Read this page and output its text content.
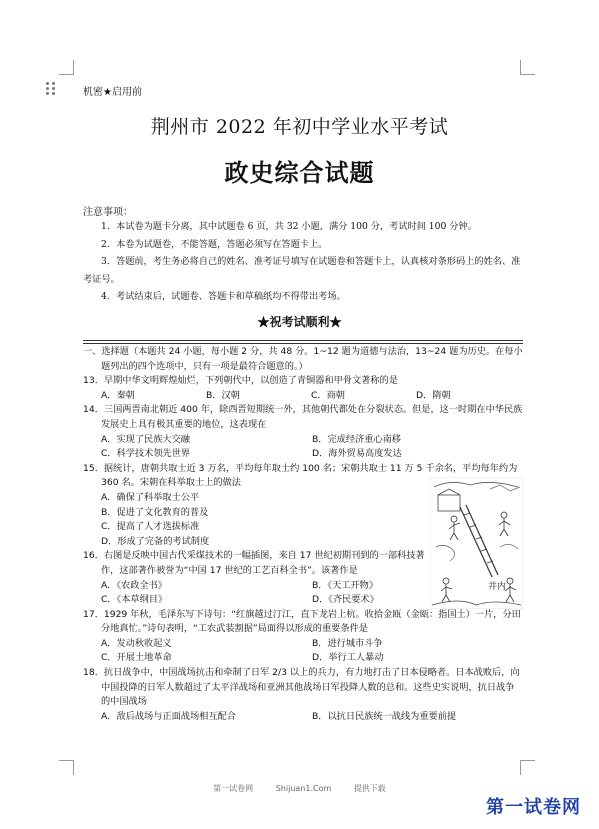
机密★启用前
荆州市 2022 年初中学业水平考试
政史综合试题
注意事项：
1．本试卷为题卡分离，其中试题卷 6 页，共 32 小题，满分 100 分，考试时间 100 分钟。
2．本卷为试题卷，不能答题，答题必须写在答题卡上。
3．答题前，考生务必将自己的姓名、准考证号填写在试题卷和答题卡上，认真核对条形码上的姓名、准考证号。
4．考试结束后，试题卷、答题卡和草稿纸均不得带出考场。
★祝考试顺利★
一、选择题（本题共 24 小题，每小题 2 分，共 48 分。1~12 题为道德与法治，13~24 题为历史。在每小题列出的四个选项中，只有一项是最符合题意的。）
13．早期中华文明辉煌灿烂，下列朝代中，以创造了青铜器和甲骨文著称的是
A．秦朝	B．汉朝	C．商朝	D．隋朝
14．三国两晋南北朝近 400 年，除西晋短期统一外，其他朝代都处在分裂状态。但是，这一时期在中华民族发展史上具有极其重要的地位，这表现在
A．实现了民族大交融	B．完成经济重心南移
C．科学技术领先世界	D．海外贸易高度发达
15．据统计，唐朝共取士近 3 万名，平均每年取士约 100 名；宋朝共取士 11 万 5 千余名，平均每年约为 360 名。宋朝在科举取士上的做法
A．确保了科举取士公平
B．促进了文化教育的普及
C．提高了人才选拔标准
D．形成了完备的考试制度
16．右图是反映中国古代采煤技术的一幅插图，来自 17 世纪初期刊到的一部科技著作，这部著作被誉为“中国 17 世纪的工艺百科全书”。该著作是
A．《农政全书》	B．《天工开物》
C．《本草纲目》	D．《齐民要术》
17．1929 年秋，毛泽东写下诗句：“红旗越过汀江，直下龙岩上杭。收拾金瓯（金瓯：指国土）一片，分田分地真忙。”诗句表明，“工农武装割据”局面得以形成的重要条件是
A．发动秋收起义	B．进行城市斗争
C．开展土地革命	D．举行工人暴动
18．抗日战争中，中国战场抗击和牵制了日军 2/3 以上的兵力，有力地打击了日本侵略者。日本战败后，向中国投降的日军人数超过了太平洋战场和亚洲其他战场日军投降人数的总和。这些史实说明，抗日战争的中国战场
A．敌后战场与正面战场相互配合	B．以抗日民族统一战线为重要前提
井内
第一试卷网	Shijuan1.Com	提供下载
第一试卷网
